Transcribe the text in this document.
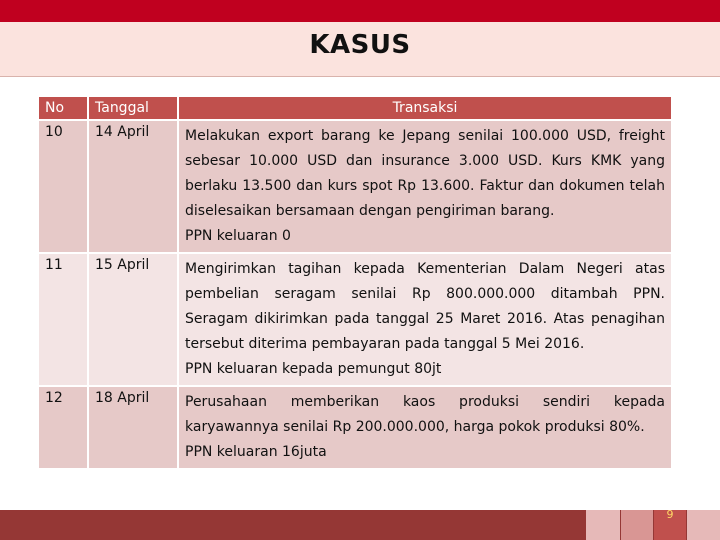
KASUS
No	Tanggal	Transaksi
10	14 April	Melakukan export barang ke Jepang senilai 100.000 USD, freight sebesar 10.000 USD dan insurance 3.000 USD. Kurs KMK yang berlaku 13.500 dan kurs spot Rp 13.600. Faktur dan dokumen telah diselesaikan bersamaan dengan pengiriman barang.
PPN keluaran 0

11	15 April	Mengirimkan tagihan kepada Kementerian Dalam Negeri atas pembelian seragam senilai Rp 800.000.000 ditambah PPN. Seragam dikirimkan pada tanggal 25 Maret 2016. Atas penagihan tersebut diterima pembayaran pada tanggal 5 Mei 2016.
PPN keluaran kepada pemungut 80jt

12	18 April	Perusahaan memberikan kaos produksi sendiri kepada karyawannya senilai Rp 200.000.000, harga pokok produksi 80%.
PPN keluaran 16juta
9
